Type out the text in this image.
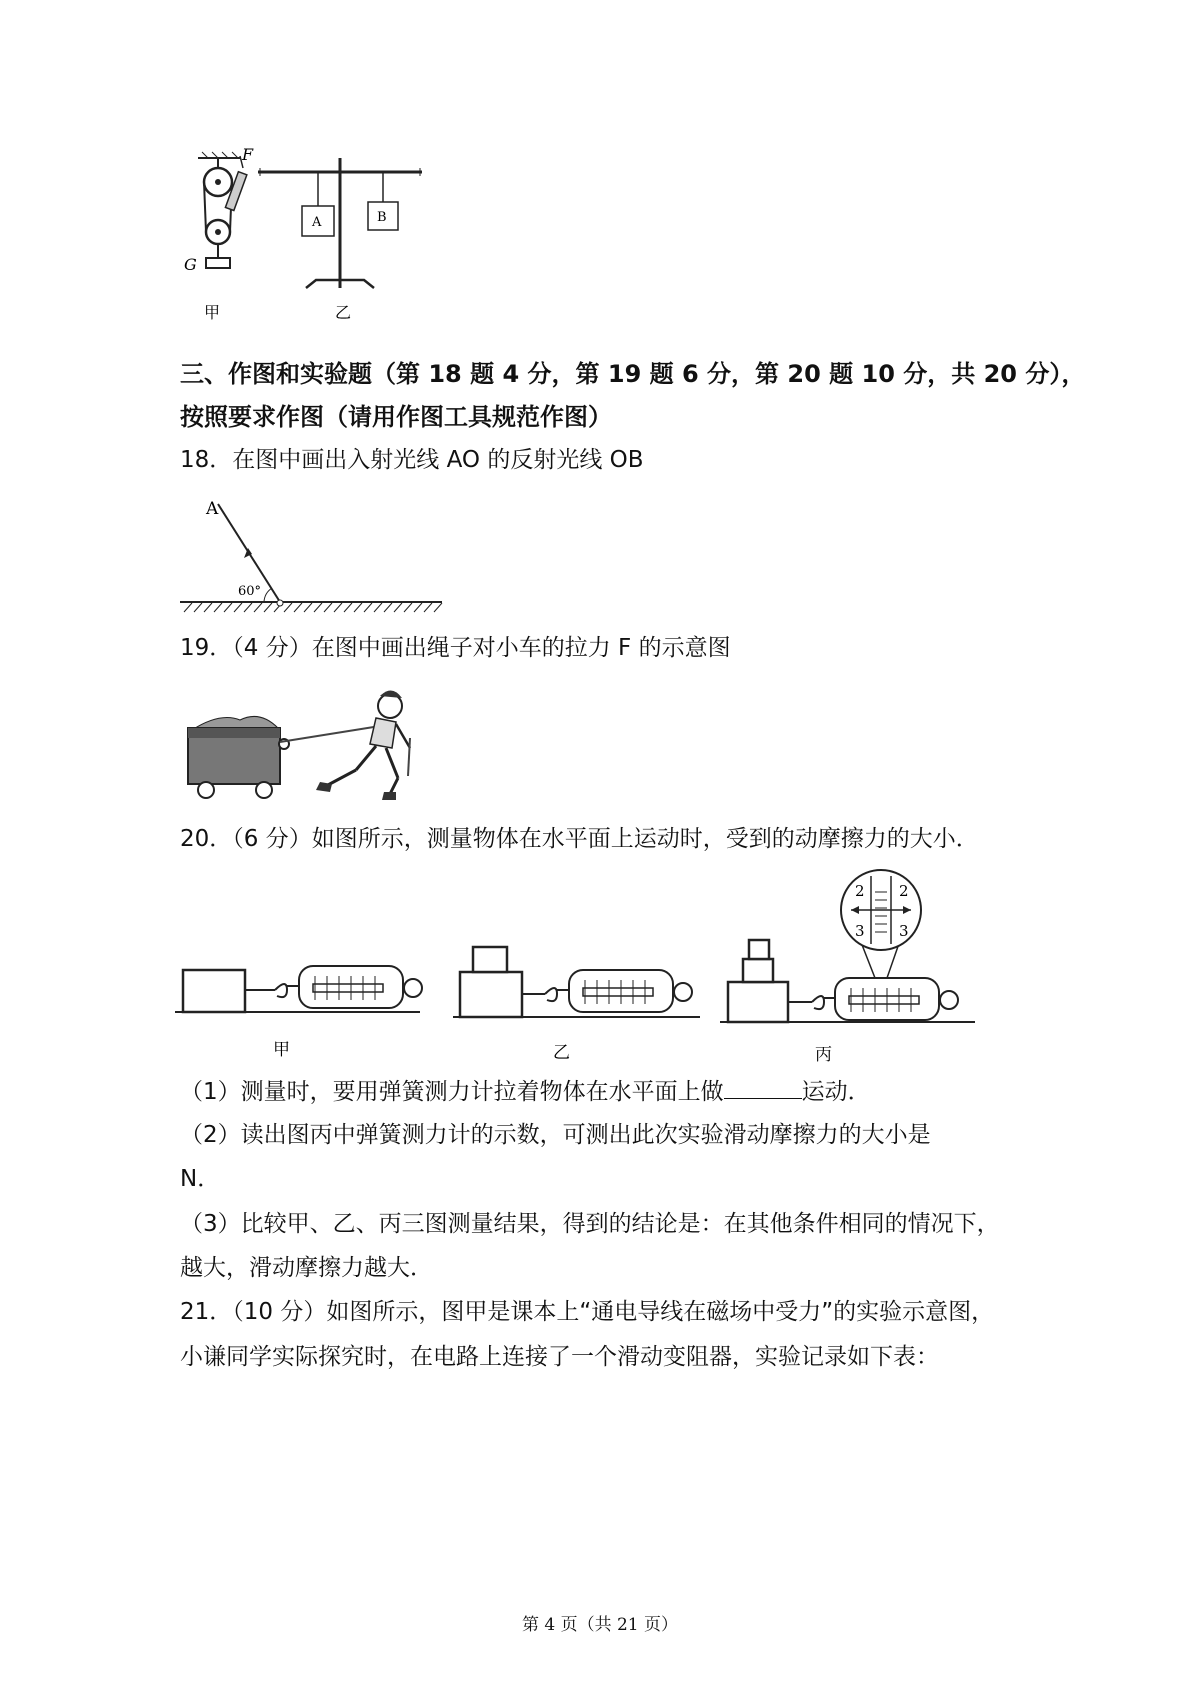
F
G
A	B
甲	乙
三、作图和实验题（第 18 题 4 分，第 19 题 6 分，第 20 题 10 分，共 20 分），
按照要求作图（请用作图工具规范作图）
18．在图中画出入射光线 AO 的反射光线 OB
A
60°
19．（4 分）在图中画出绳子对小车的拉力 F 的示意图
20．（6 分）如图所示，测量物体在水平面上运动时，受到的动摩擦力的大小．
2 2
3 3
甲	乙	丙
（1）测量时，要用弹簧测力计拉着物体在水平面上做	运动．
（2）读出图丙中弹簧测力计的示数，可测出此次实验滑动摩擦力的大小是
N．
（3）比较甲、乙、丙三图测量结果，得到的结论是：在其他条件相同的情况下，
越大，滑动摩擦力越大．
21．（10 分）如图所示，图甲是课本上“通电导线在磁场中受力”的实验示意图，
小谦同学实际探究时，在电路上连接了一个滑动变阻器，实验记录如下表：
第 4 页（共 21 页）
